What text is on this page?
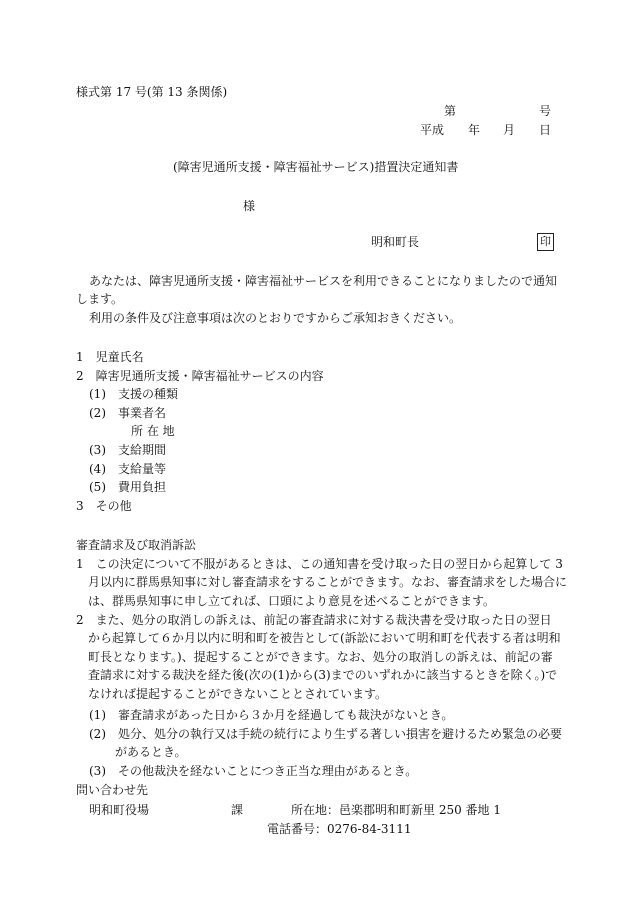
様式第 17 号(第 13 条関係)
第	号
平成 年 月 日
(障害児通所支援・障害福祉サービス)措置決定通知書
様
明和町長	印
あなたは、障害児通所支援・障害福祉サービスを利用できることになりましたので通知
します。
利用の条件及び注意事項は次のとおりですからご承知おきください。
1　児童氏名
2　障害児通所支援・障害福祉サービスの内容
(1)　支援の種類
(2)　事業者名
所 在 地
(3)　支給期間
(4)　支給量等
(5)　費用負担
3　その他
審査請求及び取消訴訟
1　この決定について不服があるときは、この通知書を受け取った日の翌日から起算して 3
月以内に群馬県知事に対し審査請求をすることができます。なお、審査請求をした場合に
は、群馬県知事に申し立てれば、口頭により意見を述べることができます。
2　また、処分の取消しの訴えは、前記の審査請求に対する裁決書を受け取った日の翌日
から起算して６か月以内に明和町を被告として(訴訟において明和町を代表する者は明和
町長となります。)、提起することができます。なお、処分の取消しの訴えは、前記の審
査請求に対する裁決を経た後(次の(1)から(3)までのいずれかに該当するときを除く。)で
なければ提起することができないこととされています。
(1)　審査請求があった日から３か月を経過しても裁決がないとき。
(2)　処分、処分の執行又は手続の続行により生ずる著しい損害を避けるため緊急の必要
があるとき。
(3)　その他裁決を経ないことにつき正当な理由があるとき。
問い合わせ先
明和町役場	課	所在地：邑楽郡明和町新里 250 番地 1
電話番号：0276-84-3111
